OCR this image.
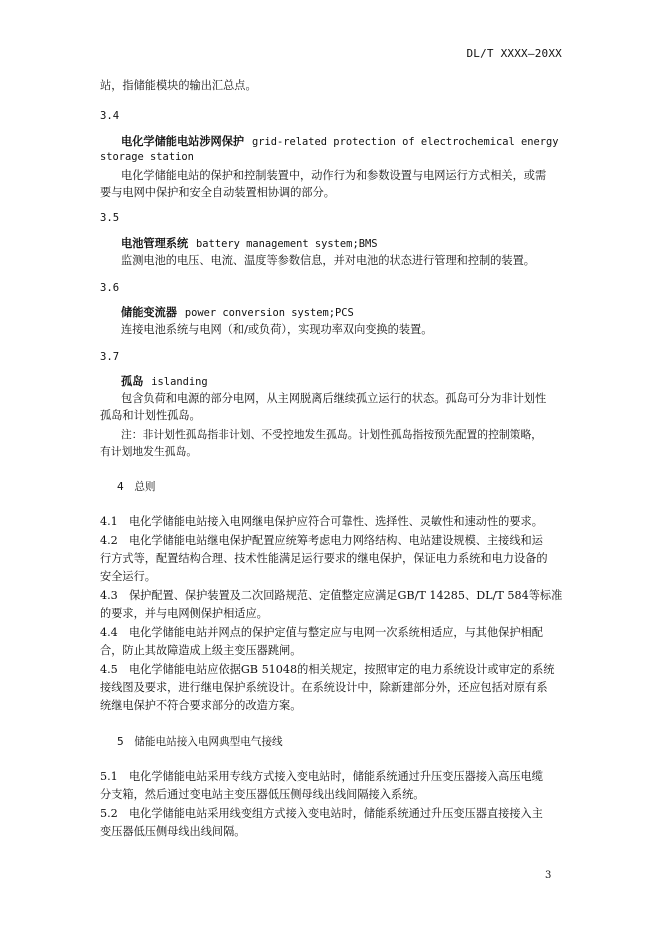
DL/T XXXX—20XX
站，指储能模块的输出汇总点。
3.4
电化学储能电站涉网保护 grid-related protection of electrochemical energy
storage station
电化学储能电站的保护和控制装置中，动作行为和参数设置与电网运行方式相关，或需
要与电网中保护和安全自动装置相协调的部分。
3.5
电池管理系统 battery management system;BMS
监测电池的电压、电流、温度等参数信息，并对电池的状态进行管理和控制的装置。
3.6
储能变流器 power conversion system;PCS
连接电池系统与电网（和/或负荷），实现功率双向变换的装置。
3.7
孤岛 islanding
包含负荷和电源的部分电网，从主网脱离后继续孤立运行的状态。孤岛可分为非计划性
孤岛和计划性孤岛。
注：非计划性孤岛指非计划、不受控地发生孤岛。计划性孤岛指按预先配置的控制策略，
有计划地发生孤岛。
4　总则
4.1　电化学储能电站接入电网继电保护应符合可靠性、选择性、灵敏性和速动性的要求。
4.2　电化学储能电站继电保护配置应统筹考虑电力网络结构、电站建设规模、主接线和运
行方式等，配置结构合理、技术性能满足运行要求的继电保护，保证电力系统和电力设备的
安全运行。
4.3　保护配置、保护装置及二次回路规范、定值整定应满足GB/T 14285、DL/T 584等标准
的要求，并与电网侧保护相适应。
4.4　电化学储能电站并网点的保护定值与整定应与电网一次系统相适应，与其他保护相配
合，防止其故障造成上级主变压器跳闸。
4.5　电化学储能电站应依据GB 51048的相关规定，按照审定的电力系统设计或审定的系统
接线图及要求，进行继电保护系统设计。在系统设计中，除新建部分外，还应包括对原有系
统继电保护不符合要求部分的改造方案。
5　储能电站接入电网典型电气接线
5.1　电化学储能电站采用专线方式接入变电站时，储能系统通过升压变压器接入高压电缆
分支箱，然后通过变电站主变压器低压侧母线出线间隔接入系统。
5.2　电化学储能电站采用线变组方式接入变电站时，储能系统通过升压变压器直接接入主
变压器低压侧母线出线间隔。
3
